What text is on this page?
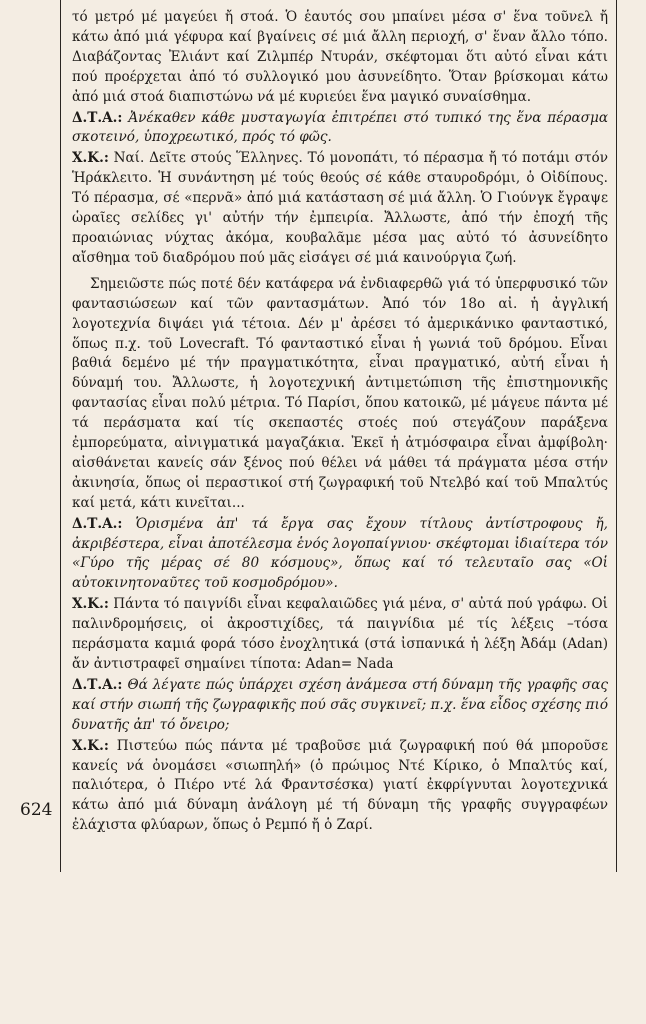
624

τό μετρό μέ μαγεύει ἤ στοά. Ὁ ἑαυτός σου μπαίνει μέσα σ' ἕνα τοῦνελ ἤ κάτω ἀπό μιά γέφυρα καί βγαίνεις σέ μιά ἄλλη περιοχή, σ' ἕναν ἄλλο τόπο. Διαβάζοντας Ἐλιάντ καί Ζιλμπέρ Ντυράν, σκέφτομαι ὅτι αὐτό εἶναι κάτι πού προέρχεται ἀπό τό συλλογικό μου ἀσυνείδητο. Ὅταν βρίσκομαι κάτω ἀπό μιά στοά διαπιστώνω νά μέ κυριεύει ἕνα μαγικό συναίσθημα.

Δ.Τ.Α.: Ἀνέκαθεν κάθε μυσταγωγία ἐπιτρέπει στό τυπικό της ἕνα πέρασμα σκοτεινό, ὑποχρεωτικό, πρός τό φῶς.

Χ.Κ.: Ναί. Δεῖτε στούς Ἕλληνες. Τό μονοπάτι, τό πέρασμα ἤ τό ποτάμι στόν Ἡράκλειτο. Ἡ συνάντηση μέ τούς θεούς σέ κάθε σταυροδρόμι, ὁ Οἰδίπους. Τό πέρασμα, σέ «περνᾶ» ἀπό μιά κατάσταση σέ μιά ἄλλη. Ὁ Γιούνγκ ἔγραψε ὡραῖες σελίδες γι' αὐτήν τήν ἐμπειρία. Ἄλλωστε, ἀπό τήν ἐποχή τῆς προαιώνιας νύχτας ἀκόμα, κουβαλᾶμε μέσα μας αὐτό τό ἀσυνείδητο αἴσθημα τοῦ διαδρόμου πού μᾶς εἰσάγει σέ μιά καινούργια ζωή.

Σημειῶστε πώς ποτέ δέν κατάφερα νά ἐνδιαφερθῶ γιά τό ὑπερφυσικό τῶν φαντασιώσεων καί τῶν φαντασμάτων. Ἀπό τόν 18ο αἰ. ἡ ἀγγλική λογοτεχνία διψάει γιά τέτοια. Δέν μ' ἀρέσει τό ἀμερικάνικο φανταστικό, ὅπως π.χ. τοῦ Lovecraft. Τό φανταστικό εἶναι ἡ γωνιά τοῦ δρόμου. Εἶναι βαθιά δεμένο μέ τήν πραγματικότητα, εἶναι πραγματικό, αὐτή εἶναι ἡ δύναμή του. Ἄλλωστε, ἡ λογοτεχνική ἀντιμετώπιση τῆς ἐπιστημονικῆς φαντασίας εἶναι πολύ μέτρια. Τό Παρίσι, ὅπου κατοικῶ, μέ μάγευε πάντα μέ τά περάσματα καί τίς σκεπαστές στοές πού στεγάζουν παράξενα ἐμπορεύματα, αἰνιγματικά μαγαζάκια. Ἐκεῖ ἡ ἀτμόσφαιρα εἶναι ἀμφίβολη· αἰσθάνεται κανείς σάν ξένος πού θέλει νά μάθει τά πράγματα μέσα στήν ἀκινησία, ὅπως οἱ περαστικοί στή ζωγραφική τοῦ Ντελβό καί τοῦ Μπαλτύς καί μετά, κάτι κινεῖται...

Δ.Τ.Α.: Ὁρισμένα ἀπ' τά ἔργα σας ἔχουν τίτλους ἀντίστροφους ἤ, ἀκριβέστερα, εἶναι ἀποτέλεσμα ἑνός λογοπαίγνιου· σκέφτομαι ἰδιαίτερα τόν «Γύρο τῆς μέρας σέ 80 κόσμους», ὅπως καί τό τελευταῖο σας «Οἱ αὐτοκινητοναῦτες τοῦ κοσμοδρόμου».

Χ.Κ.: Πάντα τό παιγνίδι εἶναι κεφαλαιῶδες γιά μένα, σ' αὐτά πού γράφω. Οἱ παλινδρομήσεις, οἱ ἀκροστιχίδες, τά παιγνίδια μέ τίς λέξεις –τόσα περάσματα καμιά φορά τόσο ἐνοχλητικά (στά ἰσπανικά ἡ λέξη Ἀδάμ (Adan) ἄν ἀντιστραφεῖ σημαίνει τίποτα: Adan= Nada

Δ.Τ.Α.: Θά λέγατε πώς ὑπάρχει σχέση ἀνάμεσα στή δύναμη τῆς γραφῆς σας καί στήν σιωπή τῆς ζωγραφικῆς πού σᾶς συγκινεῖ; π.χ. ἕνα εἶδος σχέσης πιό δυνατῆς ἀπ' τό ὄνειρο;

Χ.Κ.: Πιστεύω πώς πάντα μέ τραβοῦσε μιά ζωγραφική πού θά μποροῦσε κανείς νά ὀνομάσει «σιωπηλή» (ὁ πρώιμος Ντέ Κίρικο, ὁ Μπαλτύς καί, παλιότερα, ὁ Πιέρο ντέ λά Φραντσέσκα) γιατί ἐκφρίγνυται λογοτεχνικά κάτω ἀπό μιά δύναμη ἀνάλογη μέ τή δύναμη τῆς γραφῆς συγγραφέων ἐλάχιστα φλύαρων, ὅπως ὁ Ρεμπό ἤ ὁ Ζαρί.
